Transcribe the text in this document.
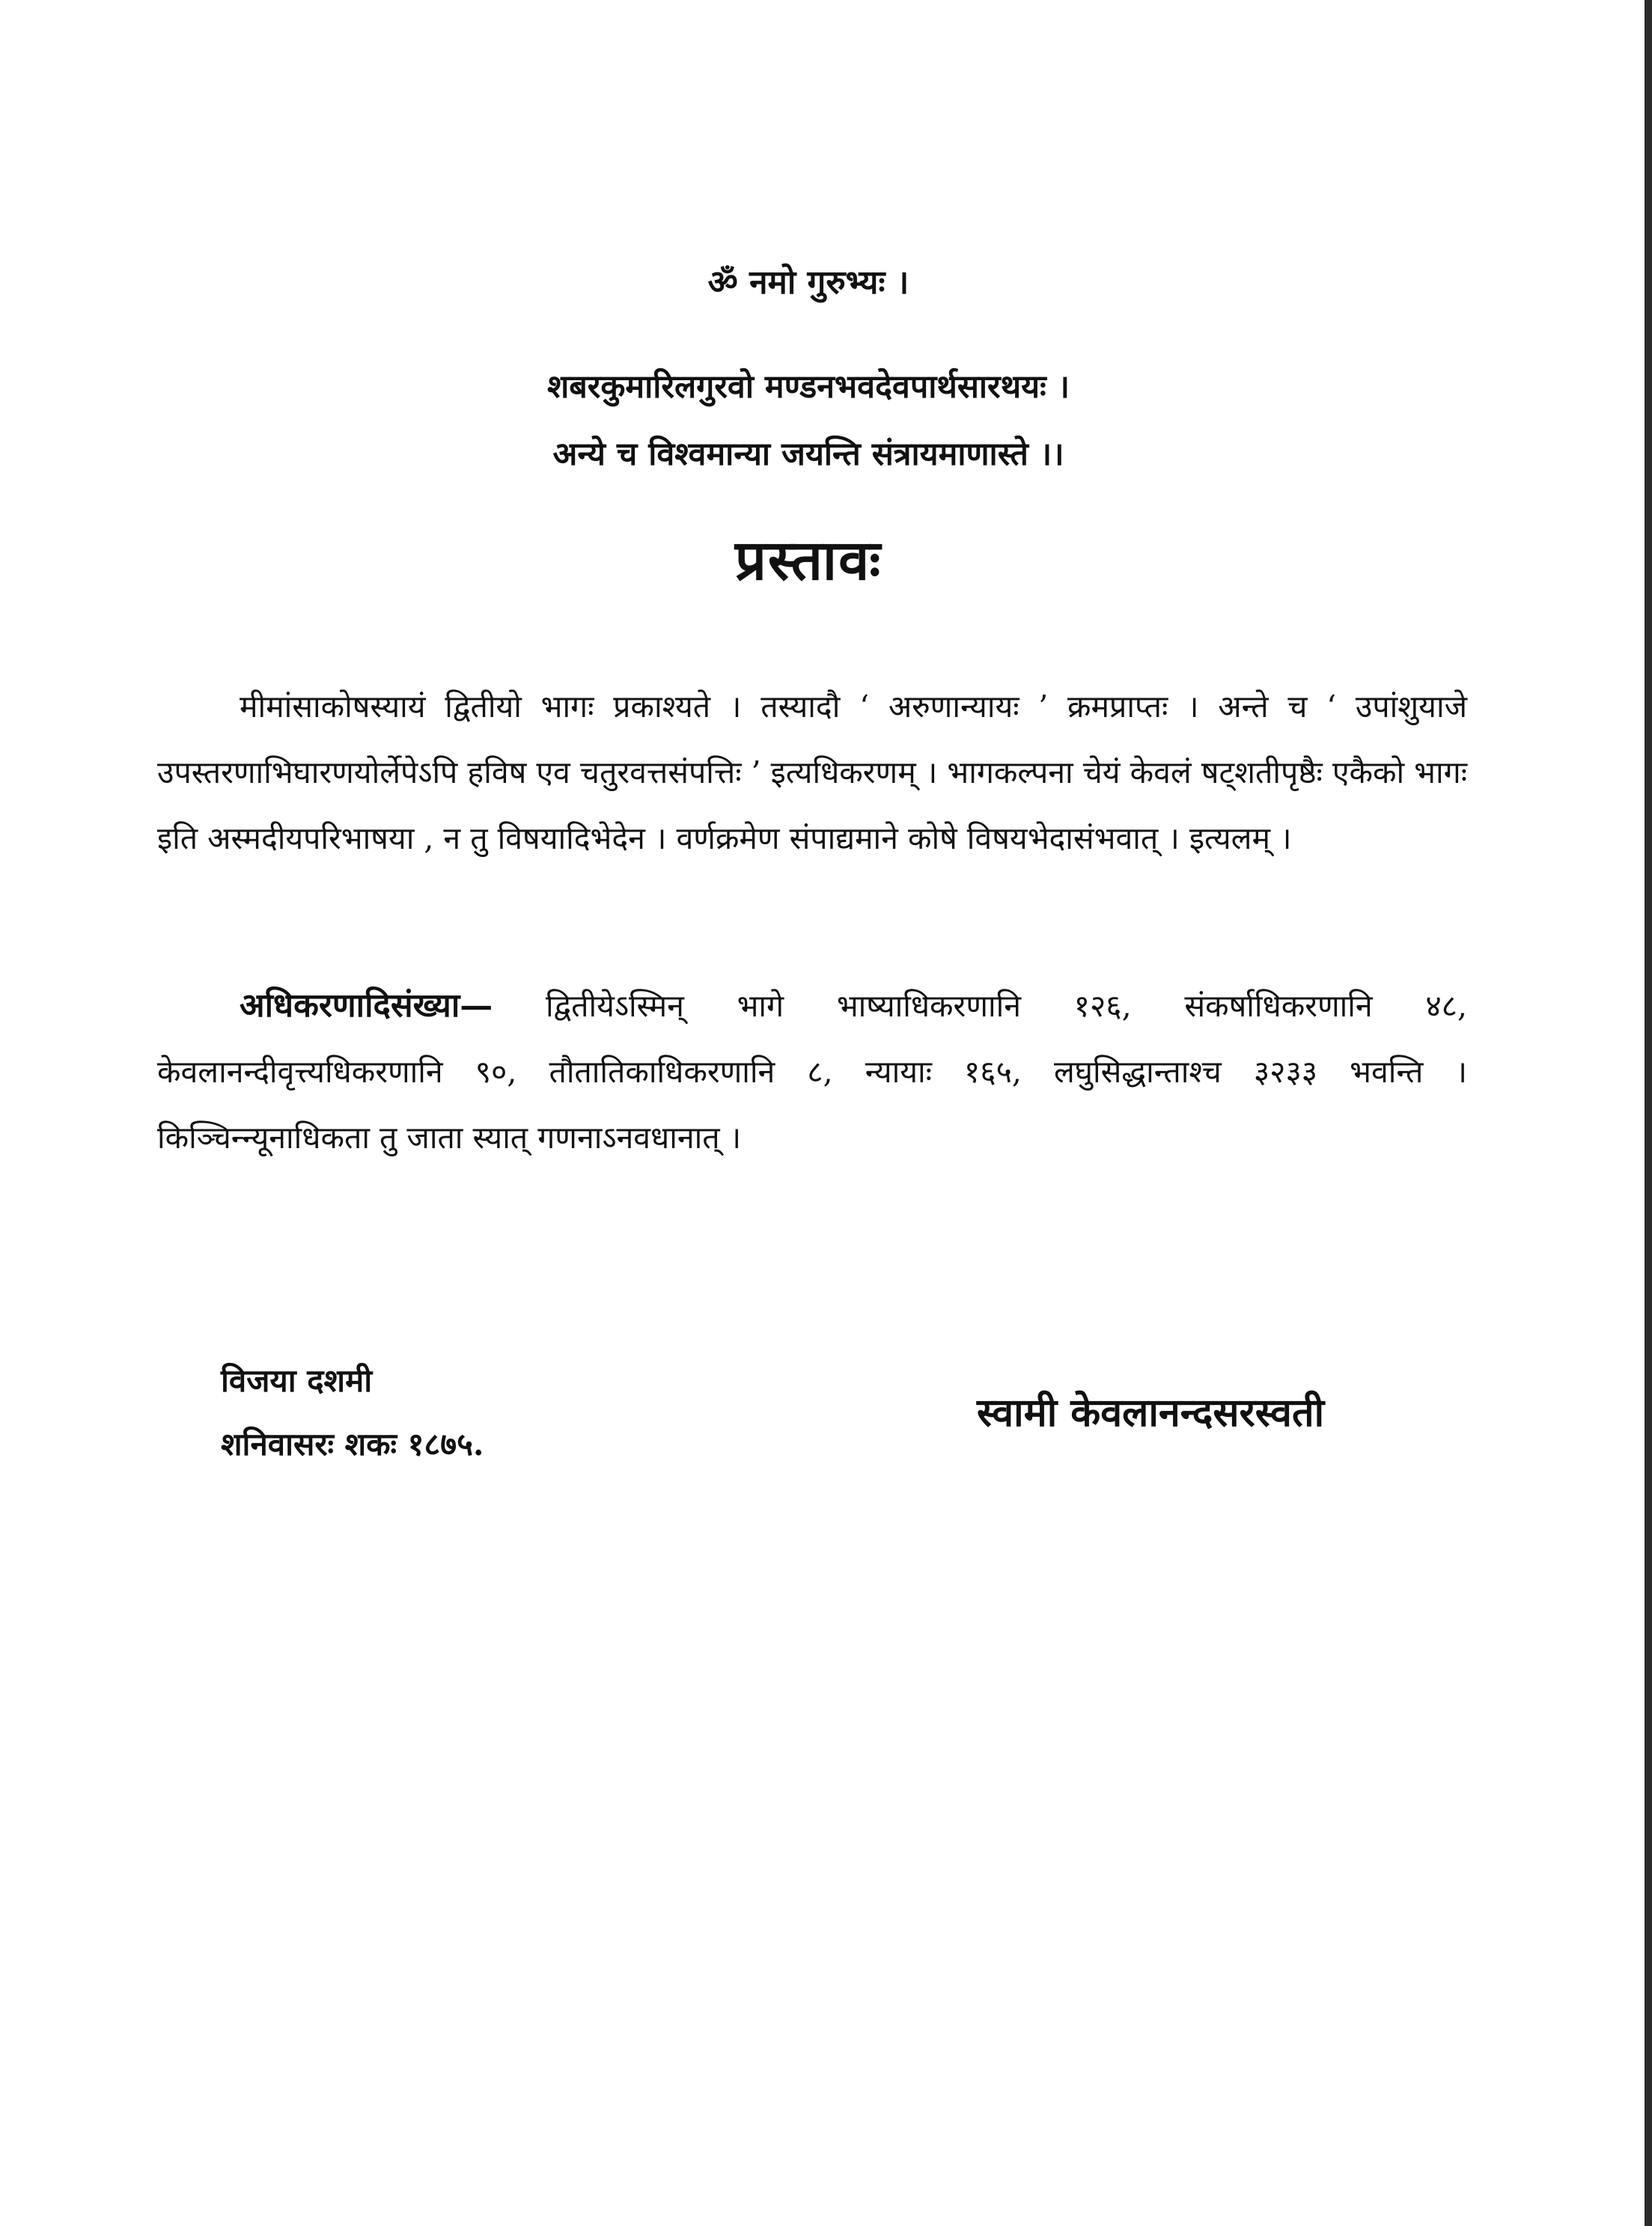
ॐ नमो गुरुभ्यः ।
शबरकुमारिलगुरवो मण्डनभवदेवपार्थसारथयः ।
अन्ये च विश्वमान्या जयन्ति संत्रायमाणास्ते ।।
प्रस्तावः
मीमांसाकोषस्यायं द्वितीयो भागः प्रकाश्यते । तस्यादौ ‘ अरुणान्यायः ’ क्रमप्राप्तः । अन्ते च ‘ उपांशुयाजे उपस्तरणाभिघारणयोर्लेपेऽपि हविष एव चतुरवत्तसंपत्तिः ’ इत्यधिकरणम् । भागकल्पना चेयं केवलं षट्शतीपृष्ठैः एकैको भागः इति अस्मदीयपरिभाषया , न तु विषयादिभेदेन । वर्णक्रमेण संपाद्यमाने कोषे विषयभेदासंभवात् । इत्यलम् ।
अधिकरणादिसंख्या— द्वितीयेऽस्मिन् भागे भाष्याधिकरणानि १२६, संकर्षाधिकरणानि ४८, केवलानन्दीवृत्त्यधिकरणानि ९०, तौतातिकाधिकरणानि ८, न्यायाः १६५, लघुसिद्धान्ताश्च ३२३३ भवन्ति । किञ्चिन्न्यूनाधिकता तु जाता स्यात् गणनाऽनवधानात् ।
विजया दशमी
शनिवासरः शकः १८७५.
स्वामी केवलानन्दसरस्वती
